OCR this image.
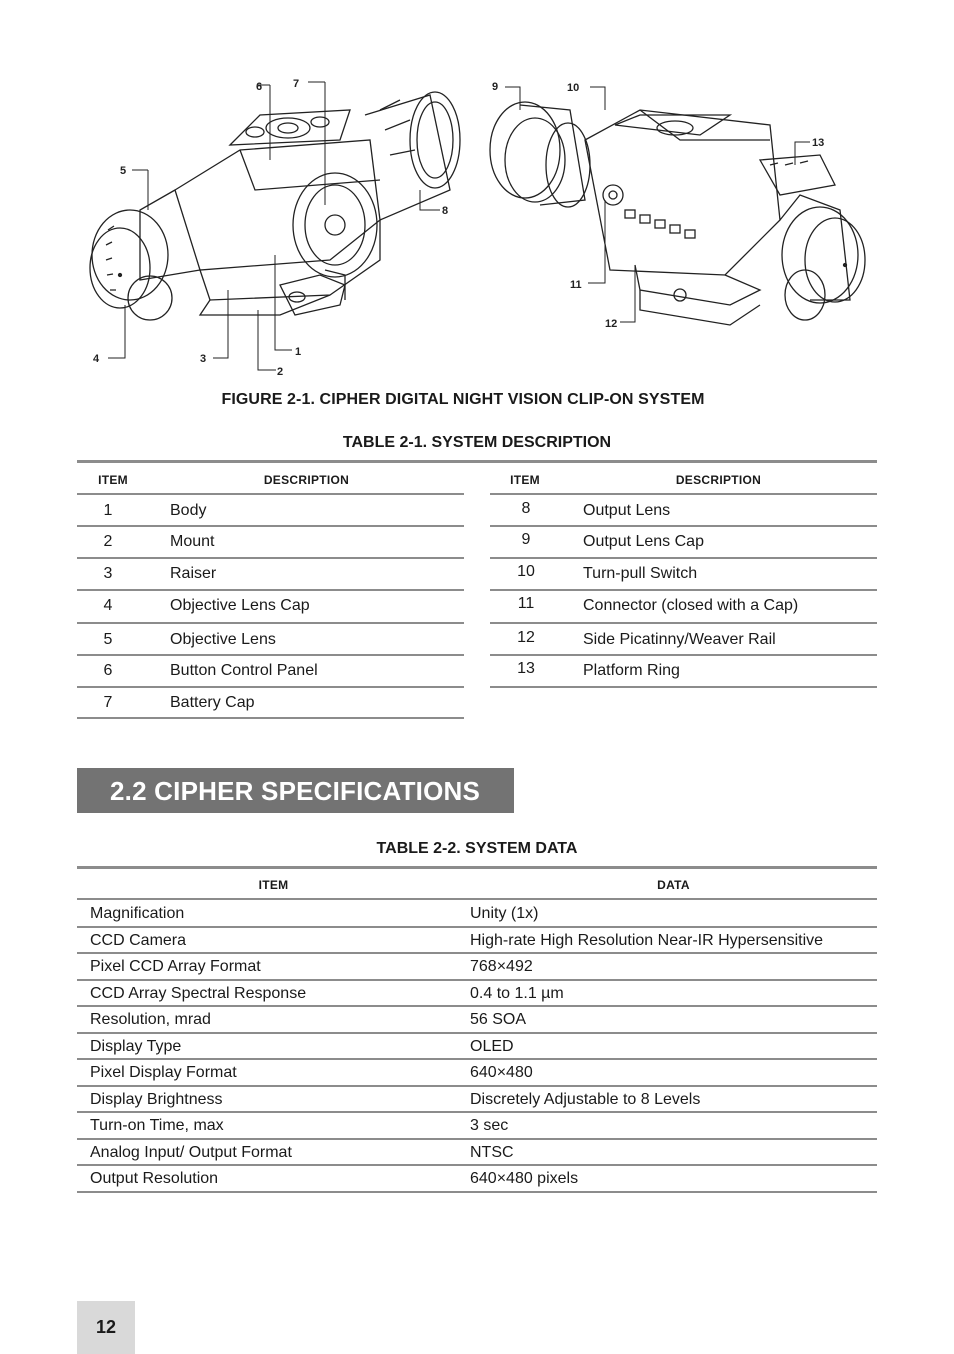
6	7
8
5
4	3
2
1
9	10
13
11
12
FIGURE 2-1. CIPHER DIGITAL NIGHT VISION CLIP-ON SYSTEM
TABLE 2-1. SYSTEM DESCRIPTION
ITEM	DESCRIPTION	ITEM	DESCRIPTION
1	Body
2	Mount
3	Raiser
4	Objective Lens Cap
5	Objective Lens
6	Button Control Panel
7	Battery Cap
8	Output Lens
9	Output Lens Cap
10	Turn-pull Switch
11	Connector (closed with a Cap)
12	Side Picatinny/Weaver Rail
13	Platform Ring
2.2 CIPHER SPECIFICATIONS
TABLE 2-2. SYSTEM DATA
ITEM	DATA
Magnification	Unity (1x)
CCD Camera	High-rate High Resolution Near-IR Hypersensitive
Pixel CCD Array Format	768×492
CCD Array Spectral Response	0.4 to 1.1 µm
Resolution, mrad	56 SOA
Display Type	OLED
Pixel Display Format	640×480
Display Brightness	Discretely Adjustable to 8 Levels
Turn-on Time, max	3 sec
Analog Input/ Output Format	NTSC
Output Resolution	640×480 pixels
12
